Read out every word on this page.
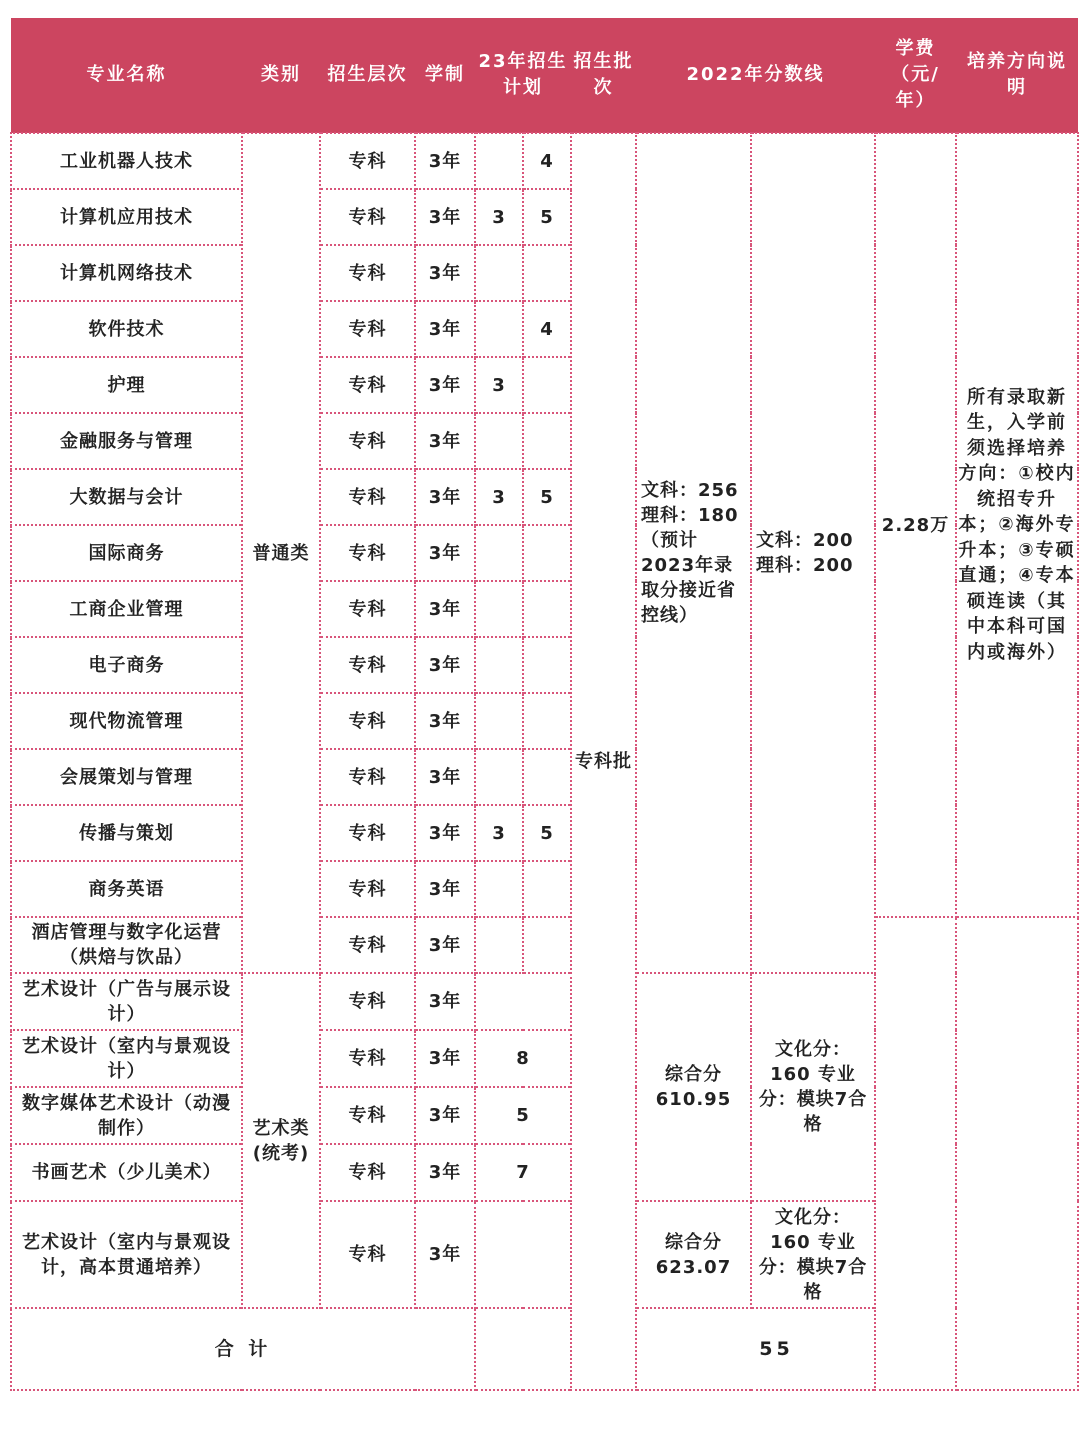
专业名称	类别	招生层次	学制	23年招生计划		招生批次	2022年分数线		学费（元/年）	培养方向说明
工业机器人技术	普通类	专科	3年		4	专科批	文科：256 理科：180 （预计2023年录取分接近省控线）	文科：200 理科：200	2.28万	所有录取新生，入学前须选择培养方向：①校内统招专升本；②海外专升本；③专硕直通；④专本硕连读（其中本科可国内或海外）
计算机应用技术		专科	3年	3	5					
计算机网络技术		专科	3年							
软件技术		专科	3年		4					
护理		专科	3年	3						
金融服务与管理		专科	3年							
大数据与会计		专科	3年	3	5					
国际商务		专科	3年							
工商企业管理		专科	3年							
电子商务		专科	3年							
现代物流管理		专科	3年							
会展策划与管理		专科	3年							
传播与策划		专科	3年	3	5					
商务英语		专科	3年							
酒店管理与数字化运营（烘焙与饮品）		专科	3年							
艺术设计（广告与展示设计）	艺术类(统考)	专科	3年				综合分610.95	文化分：160 专业分：模块7合格		
艺术设计（室内与景观设计）		专科	3年	8						
数字媒体艺术设计（动漫制作）		专科	3年	5						
书画艺术（少儿美术）		专科	3年	7						
艺术设计（室内与景观设计，高本贯通培养）		专科	3年				综合分623.07	文化分：160 专业分：模块7合格		
合 计				55						
